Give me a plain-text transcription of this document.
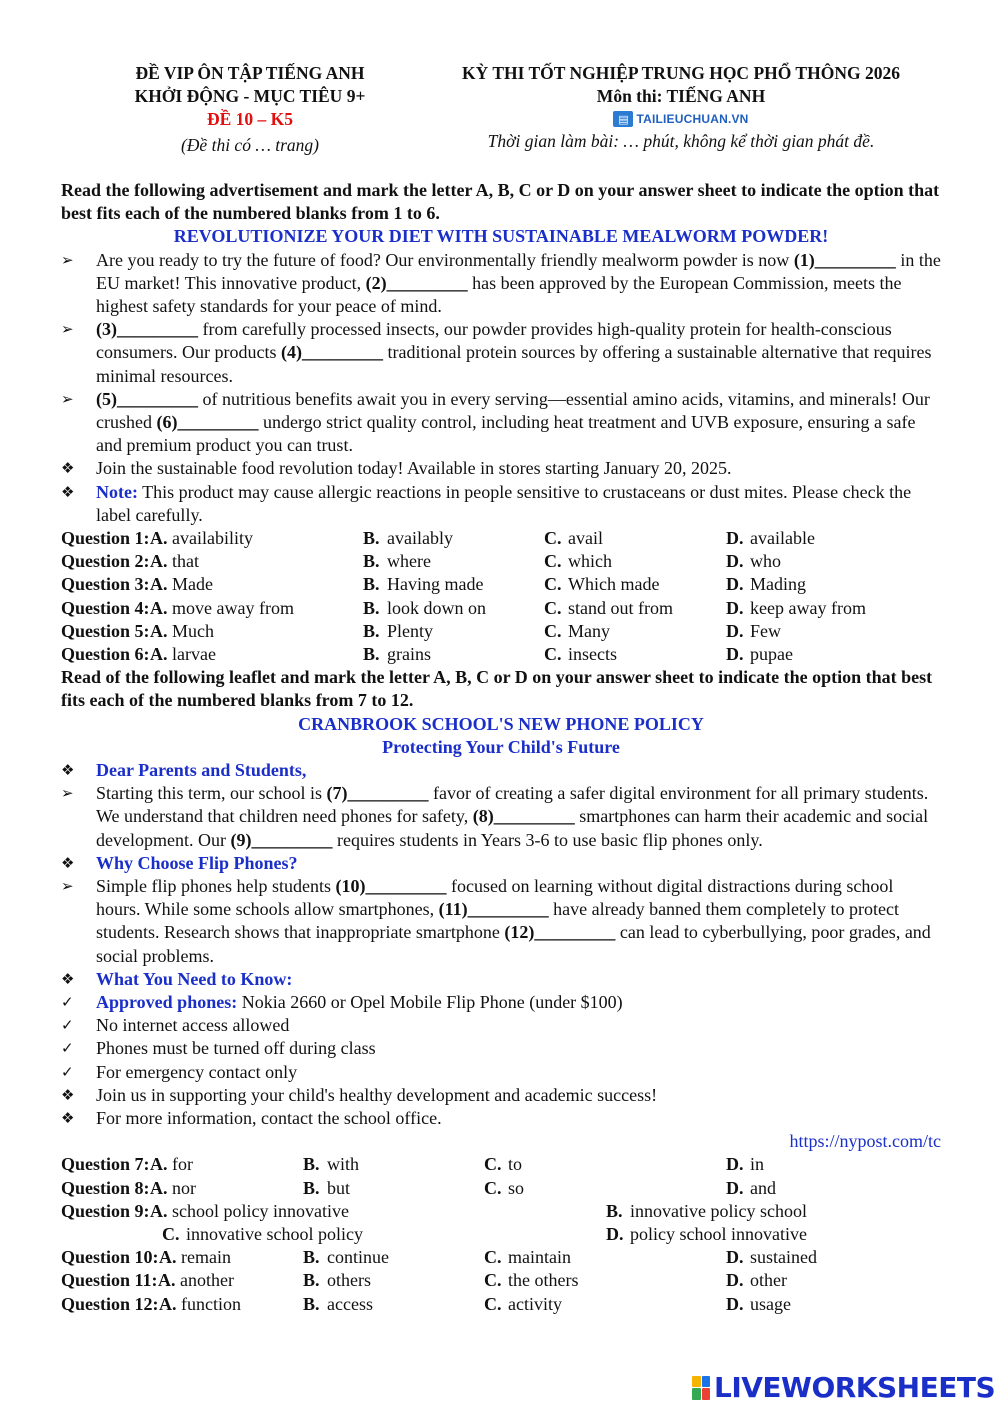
ĐỀ VIP ÔN TẬP TIẾNG ANH
KHỞI ĐỘNG - MỤC TIÊU 9+
ĐỀ 10 – K5
(Đề thi có … trang)
KỲ THI TỐT NGHIỆP TRUNG HỌC PHỔ THÔNG 2026
Môn thi: TIẾNG ANH
▤ TAILIEUCHUAN.VN
Thời gian làm bài: … phút, không kể thời gian phát đề.

Read the following advertisement and mark the letter A, B, C or D on your answer sheet to indicate the option that best fits each of the numbered blanks from 1 to 6.

REVOLUTIONIZE YOUR DIET WITH SUSTAINABLE MEALWORM POWDER!
➢	Are you ready to try the future of food? Our environmentally friendly mealworm powder is now (1)_________ in the EU market! This innovative product, (2)_________ has been approved by the European Commission, meets the highest safety standards for your peace of mind.
➢	(3)_________ from carefully processed insects, our powder provides high-quality protein for health-conscious consumers. Our products (4)_________ traditional protein sources by offering a sustainable alternative that requires minimal resources.
➢	(5)_________ of nutritious benefits await you in every serving—essential amino acids, vitamins, and minerals! Our crushed (6)_________ undergo strict quality control, including heat treatment and UVB exposure, ensuring a safe and premium product you can trust.
❖	Join the sustainable food revolution today! Available in stores starting January 20, 2025.
❖	Note: This product may cause allergic reactions in people sensitive to crustaceans or dust mites. Please check the label carefully.
Question 1: A. availability	B. availably	C. avail	D. available
Question 2: A. that	B. where	C. which	D. who
Question 3: A. Made	B. Having made	C. Which made	D. Mading
Question 4: A. move away from	B. look down on	C. stand out from	D. keep away from
Question 5: A. Much	B. Plenty	C. Many	D. Few
Question 6: A. larvae	B. grains	C. insects	D. pupae

Read of the following leaflet and mark the letter A, B, C or D on your answer sheet to indicate the option that best fits each of the numbered blanks from 7 to 12.

CRANBROOK SCHOOL'S NEW PHONE POLICY
Protecting Your Child's Future
❖	Dear Parents and Students,
➢	Starting this term, our school is (7)_________ favor of creating a safer digital environment for all primary students. We understand that children need phones for safety, (8)_________ smartphones can harm their academic and social development. Our (9)_________ requires students in Years 3-6 to use basic flip phones only.
❖	Why Choose Flip Phones?
➢	Simple flip phones help students (10)_________ focused on learning without digital distractions during school hours. While some schools allow smartphones, (11)_________ have already banned them completely to protect students. Research shows that inappropriate smartphone (12)_________ can lead to cyberbullying, poor grades, and social problems.
❖	What You Need to Know:
✓	Approved phones: Nokia 2660 or Opel Mobile Flip Phone (under $100)
✓	No internet access allowed
✓	Phones must be turned off during class
✓	For emergency contact only
❖	Join us in supporting your child's healthy development and academic success!
❖	For more information, contact the school office.
https://nypost.com/tc
Question 7: A. for	B. with	C. to	D. in
Question 8: A. nor	B. but	C. so	D. and
Question 9: A. school policy innovative	B. innovative policy school
C. innovative school policy	D. policy school innovative
Question 10: A. remain	B. continue	C. maintain	D. sustained
Question 11: A. another	B. others	C. the others	D. other
Question 12: A. function	B. access	C. activity	D. usage
LIVEWORKSHEETS
